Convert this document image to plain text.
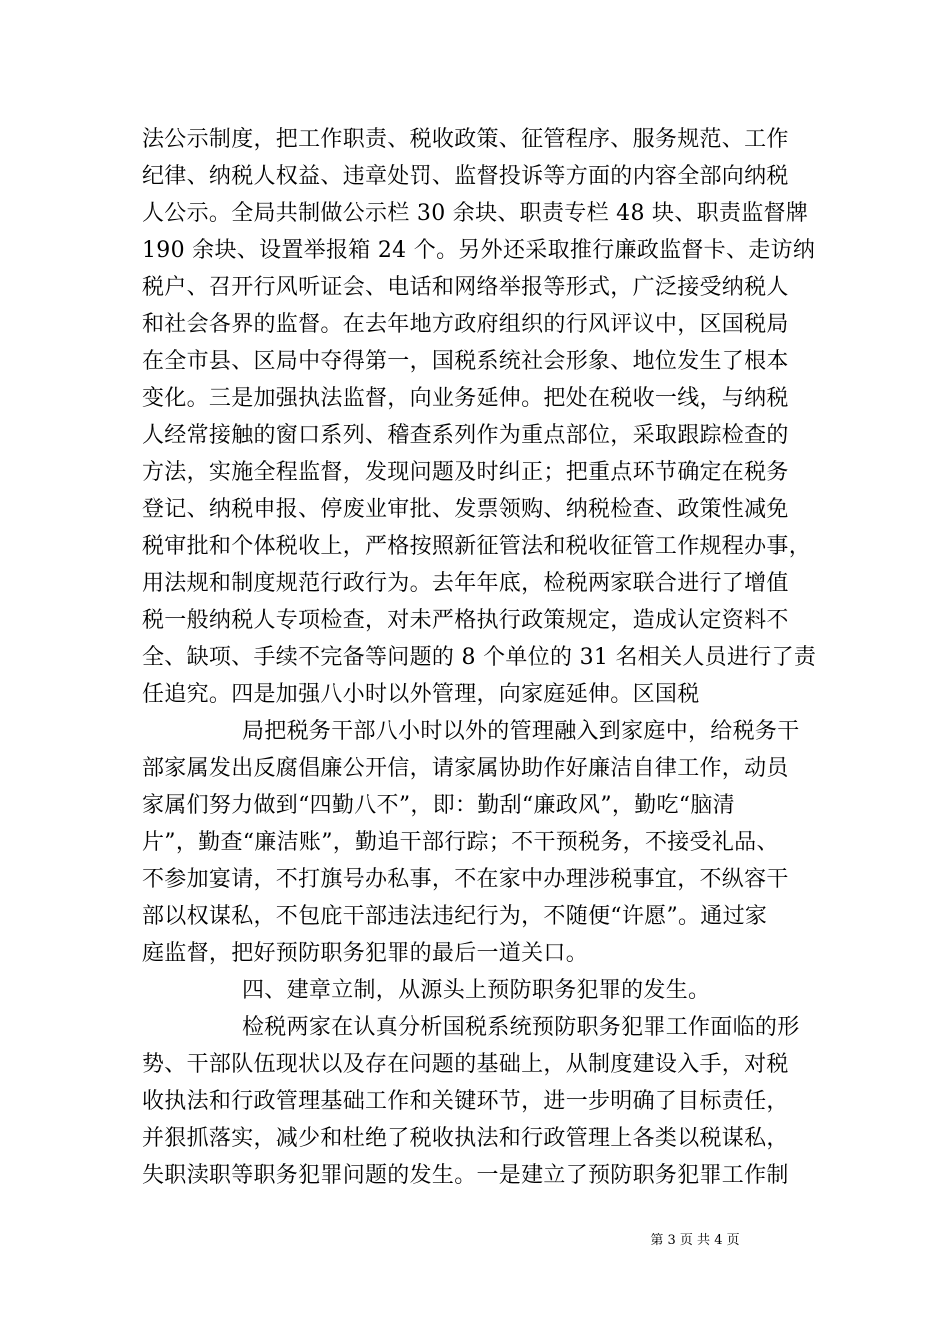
法公示制度，把工作职责、税收政策、征管程序、服务规范、工作
纪律、纳税人权益、违章处罚、监督投诉等方面的内容全部向纳税
人公示。全局共制做公示栏 30 余块、职责专栏 48 块、职责监督牌
190 余块、设置举报箱 24 个。另外还采取推行廉政监督卡、走访纳
税户、召开行风听证会、电话和网络举报等形式，广泛接受纳税人
和社会各界的监督。在去年地方政府组织的行风评议中，区国税局
在全市县、区局中夺得第一，国税系统社会形象、地位发生了根本
变化。三是加强执法监督，向业务延伸。把处在税收一线，与纳税
人经常接触的窗口系列、稽查系列作为重点部位，采取跟踪检查的
方法，实施全程监督，发现问题及时纠正；把重点环节确定在税务
登记、纳税申报、停废业审批、发票领购、纳税检查、政策性减免
税审批和个体税收上，严格按照新征管法和税收征管工作规程办事，
用法规和制度规范行政行为。去年年底，检税两家联合进行了增值
税一般纳税人专项检查，对未严格执行政策规定，造成认定资料不
全、缺项、手续不完备等问题的 8 个单位的 31 名相关人员进行了责
任追究。四是加强八小时以外管理，向家庭延伸。区国税
局把税务干部八小时以外的管理融入到家庭中，给税务干
部家属发出反腐倡廉公开信，请家属协助作好廉洁自律工作，动员
家属们努力做到“四勤八不”，即：勤刮“廉政风”，勤吃“脑清
片”，勤查“廉洁账”，勤追干部行踪；不干预税务，不接受礼品、
不参加宴请，不打旗号办私事，不在家中办理涉税事宜，不纵容干
部以权谋私，不包庇干部违法违纪行为，不随便“许愿”。通过家
庭监督，把好预防职务犯罪的最后一道关口。
四、建章立制，从源头上预防职务犯罪的发生。
检税两家在认真分析国税系统预防职务犯罪工作面临的形
势、干部队伍现状以及存在问题的基础上，从制度建设入手，对税
收执法和行政管理基础工作和关键环节，进一步明确了目标责任，
并狠抓落实，减少和杜绝了税收执法和行政管理上各类以税谋私，
失职渎职等职务犯罪问题的发生。一是建立了预防职务犯罪工作制
第 3 页 共 4 页
